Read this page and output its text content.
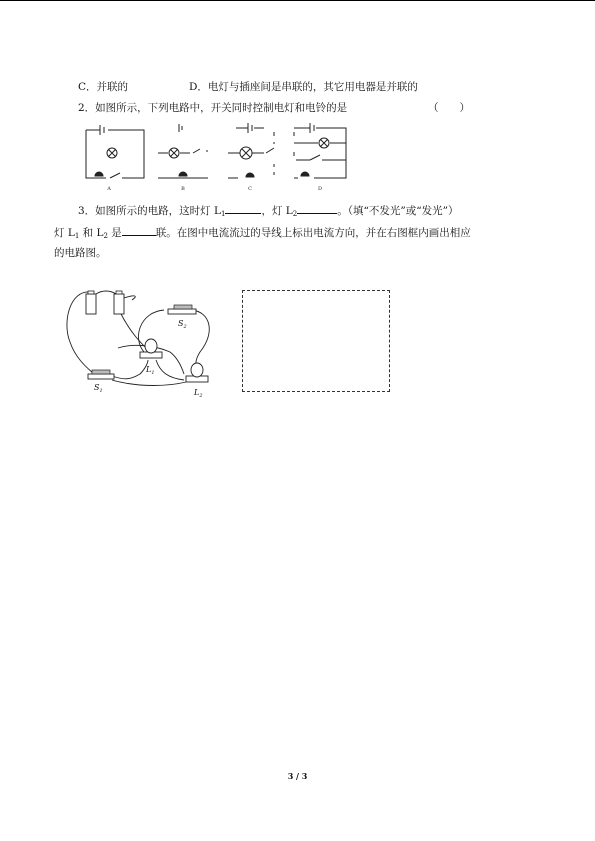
C．并联的	D．电灯与插座间是串联的，其它用电器是并联的
2．如图所示，下列电路中，开关同时控制电灯和电铃的是	（　　）
A	B	C	D
3．如图所示的电路，这时灯 $L_1$	，灯 $L_2$	。（填“不发光”或“发光”）
灯 $L_1$ 和 $L_2$ 是	联。在图中电流流过的导线上标出电流方向，并在右图框内画出相应
的电路图。
$S_2$
$L_1$
$S_1$	$L_2$
3 / 3
